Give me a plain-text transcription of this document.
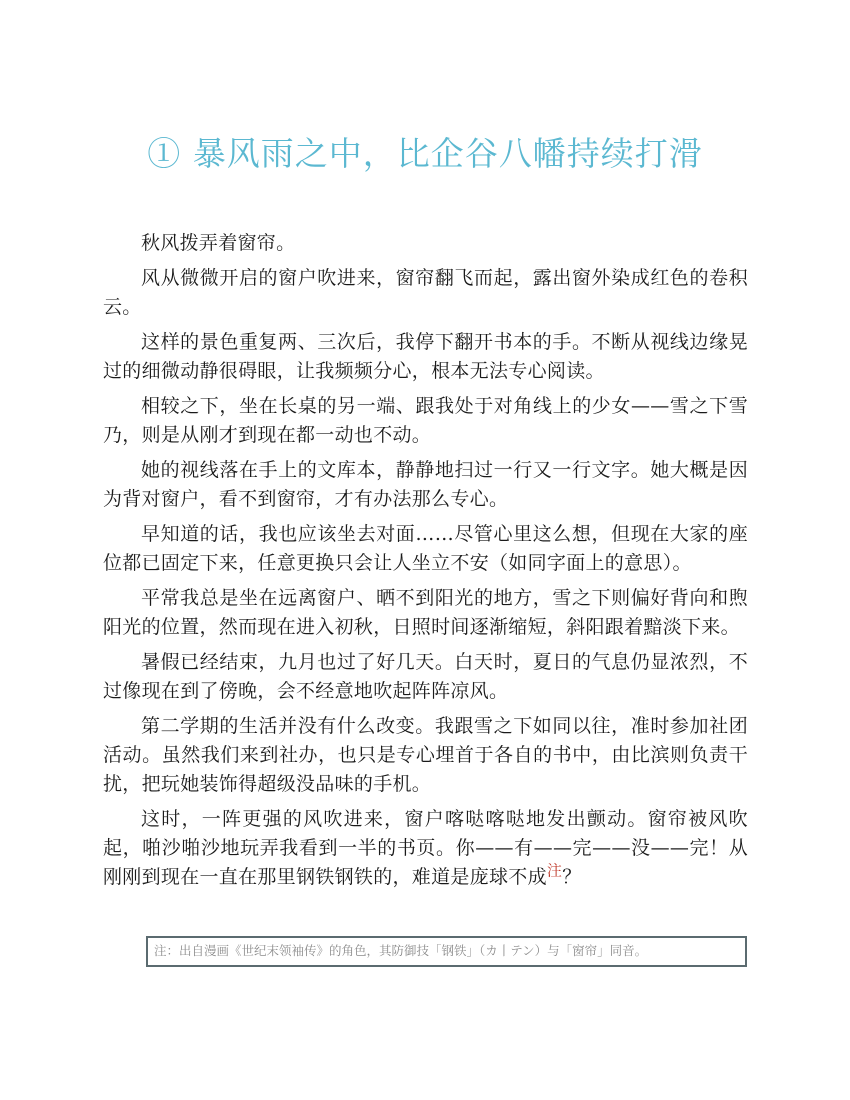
① 暴风雨之中，比企谷八幡持续打滑

秋风拨弄着窗帘。

风从微微开启的窗户吹进来，窗帘翻飞而起，露出窗外染成红色的卷积云。

这样的景色重复两、三次后，我停下翻开书本的手。不断从视线边缘晃过的细微动静很碍眼，让我频频分心，根本无法专心阅读。

相较之下，坐在长桌的另一端、跟我处于对角线上的少女——雪之下雪乃，则是从刚才到现在都一动也不动。

她的视线落在手上的文库本，静静地扫过一行又一行文字。她大概是因为背对窗户，看不到窗帘，才有办法那么专心。

早知道的话，我也应该坐去对面……尽管心里这么想，但现在大家的座位都已固定下来，任意更换只会让人坐立不安（如同字面上的意思）。

平常我总是坐在远离窗户、晒不到阳光的地方，雪之下则偏好背向和煦阳光的位置，然而现在进入初秋，日照时间逐渐缩短，斜阳跟着黯淡下来。

暑假已经结束，九月也过了好几天。白天时，夏日的气息仍显浓烈，不过像现在到了傍晚，会不经意地吹起阵阵凉风。

第二学期的生活并没有什么改变。我跟雪之下如同以往，准时参加社团活动。虽然我们来到社办，也只是专心埋首于各自的书中，由比滨则负责干扰，把玩她装饰得超级没品味的手机。

这时，一阵更强的风吹进来，窗户喀哒喀哒地发出颤动。窗帘被风吹起，啪沙啪沙地玩弄我看到一半的书页。你——有——完——没——完！从刚刚到现在一直在那里钢铁钢铁的，难道是庞球不成$^注$？

注：出自漫画《世纪末领袖传》的角色，其防御技「钢铁」（カ丨テン）与「窗帘」同音。
